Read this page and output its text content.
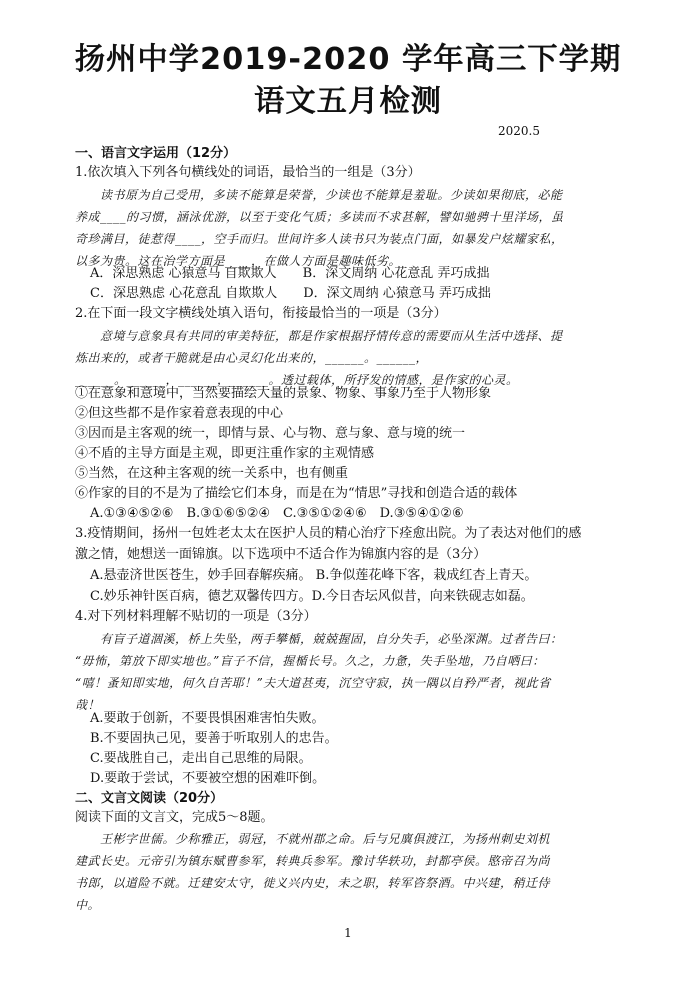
扬州中学2019-2020 学年高三下学期
语文五月检测
2020.5
一、语言文字运用（12分）
1.依次填入下列各句横线处的词语，最恰当的一组是（3分）
读书原为自己受用，多读不能算是荣誉，少读也不能算是羞耻。少读如果彻底，必能
养成____的习惯，涵泳优游，以至于变化气质；多读而不求甚解，譬如驰骋十里洋场，虽
奇珍满目，徒惹得____，空手而归。世间许多人读书只为装点门面，如暴发户炫耀家私，
以多为贵。这在治学方面是____，在做人方面是趣味低劣。
A．深思熟虑 心猿意马 自欺欺人　　B．深文周纳 心花意乱 弄巧成拙
C．深思熟虑 心花意乱 自欺欺人　　D．深文周纳 心猿意马 弄巧成拙
2.在下面一段文字横线处填入语句，衔接最恰当的一项是（3分）
意境与意象具有共同的审美特征，都是作家根据抒情传意的需要而从生活中选择、提
炼出来的，或者干脆就是由心灵幻化出来的，______。______，
______。______，______，______。透过载体，所抒发的情感，是作家的心灵。
①在意象和意境中，当然要描绘大量的景象、物象、事象乃至于人物形象
②但这些都不是作家着意表现的中心
③因而是主客观的统一，即情与景、心与物、意与象、意与境的统一
④不盾的主导方面是主观，即更注重作家的主观情感
⑤当然，在这种主客观的统一关系中，也有侧重
⑥作家的目的不是为了描绘它们本身，而是在为“情思”寻找和创造合适的载体
A.①③④⑤②⑥　B.③①⑥⑤②④　C.③⑤①②④⑥　D.③⑤④①②⑥
3.疫情期间，扬州一包姓老太太在医护人员的精心治疗下痊愈出院。为了表达对他们的感
激之情，她想送一面锦旗。以下选项中不适合作为锦旗内容的是（3分）
A.悬壶济世医苍生，妙手回春解疾痛。 B.争似莲花峰下客，栽成红杏上青天。
C.妙乐神针医百病，德艺双馨传四方。D.今日杏坛风似昔，向来铁砚志如磊。
4.对下列材料理解不贴切的一项是（3分）
有盲子道涸溪，桥上失坠，两手攀楯，兢兢握固，自分失手，必坠深渊。过者告曰：
“毋怖，第放下即实地也。”盲子不信，握楯长号。久之，力惫，失手坠地，乃自哂曰：
“嘻！蚤知即实地，何久自苦耶！”夫大道甚夷，沉空守寂，执一隅以自矜严者，视此省
哉！
A.要敢于创新，不要畏惧困难害怕失败。
B.不要固执己见，要善于听取别人的忠告。
C.要战胜自己，走出自己思维的局限。
D.要敢于尝试，不要被空想的困难吓倒。
二、文言文阅读（20分）
阅读下面的文言文，完成5～8题。
王彬字世儒。少称雅正，弱冠，不就州郡之命。后与兄廙俱渡江，为扬州刺史刘机
建武长史。元帝引为镇东赋曹参军，转典兵参军。豫讨华轶功，封都亭侯。愍帝召为尚
书郎，以道险不就。迁建安太守，徙义兴内史，未之职，转军咨祭酒。中兴建，稍迁侍
中。
1
